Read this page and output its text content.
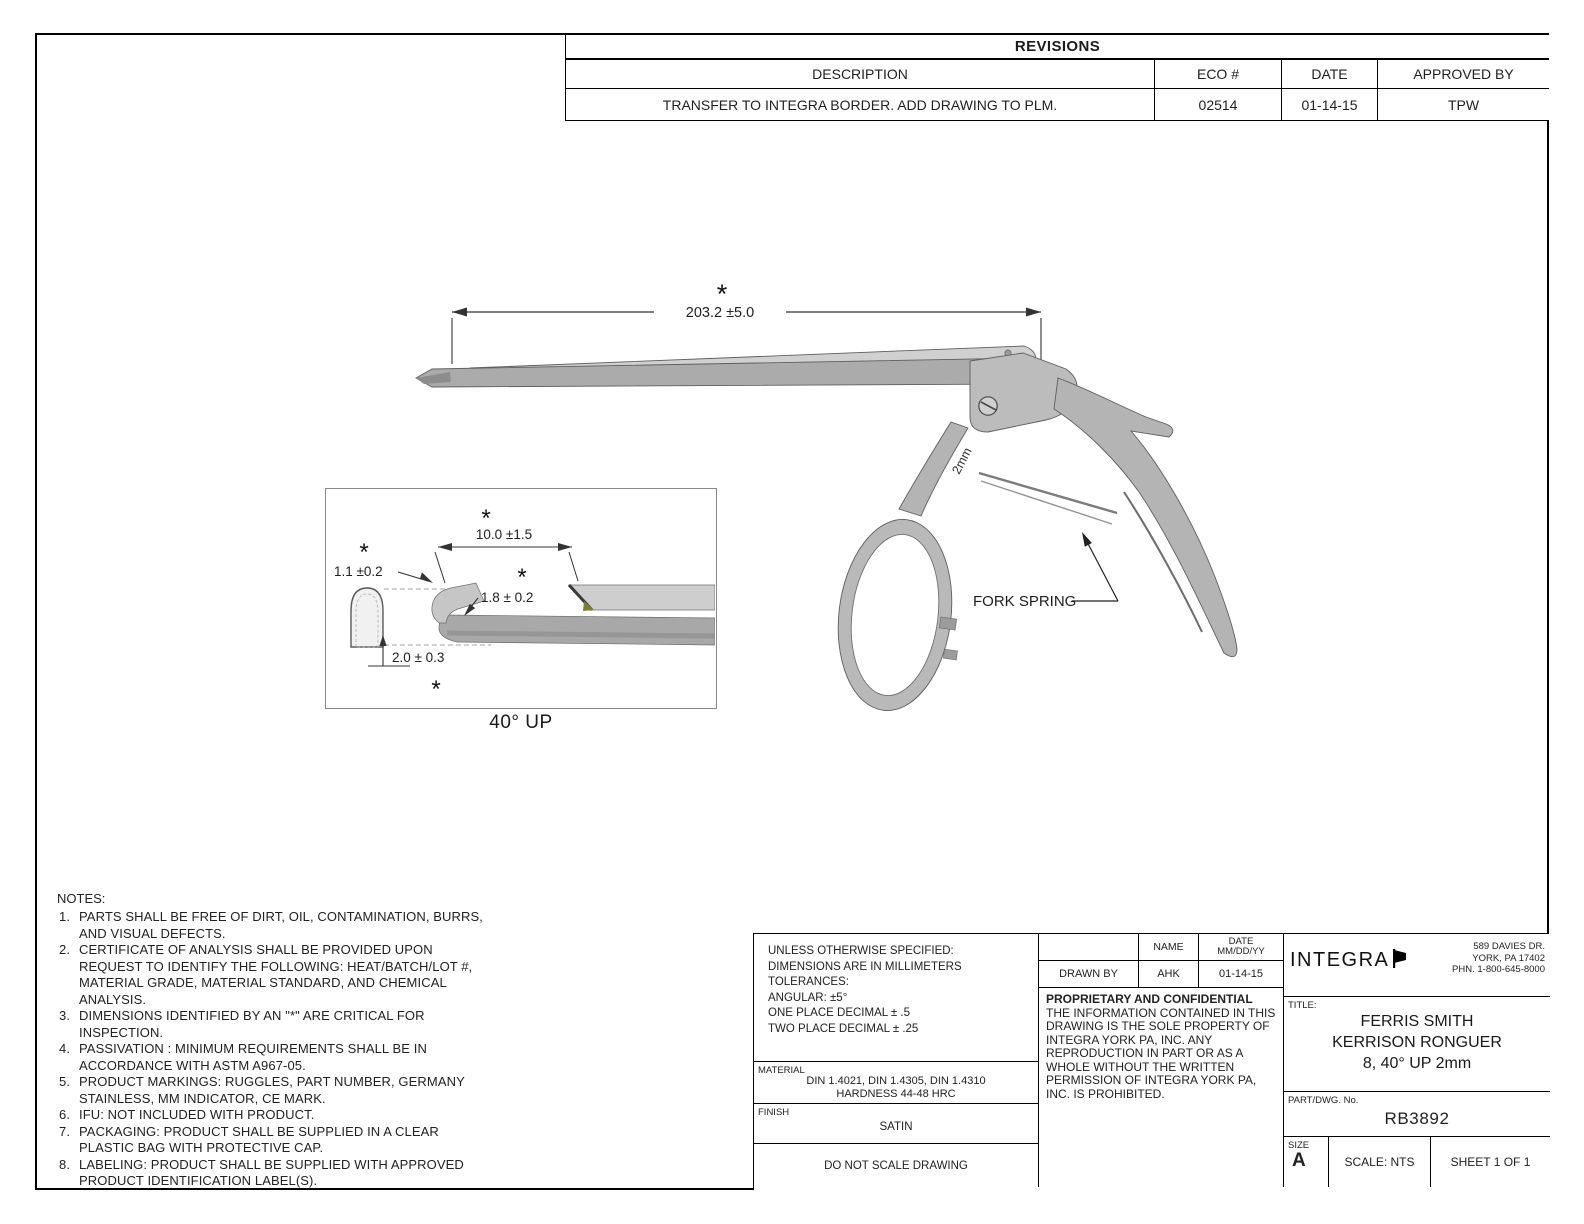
REVISIONS
DESCRIPTION	ECO #	DATE	APPROVED BY
TRANSFER TO INTEGRA BORDER. ADD DRAWING TO PLM.	02514	01-14-15	TPW
203.2 ±5.0
*
2mm
FORK SPRING
10.0 ±1.5
*
1.1 ±0.2
*
1.8 ± 0.2
*
2.0 ± 0.3
*
40° UP
NOTES:
1. PARTS SHALL BE FREE OF DIRT, OIL, CONTAMINATION, BURRS, AND VISUAL DEFECTS.
2. CERTIFICATE OF ANALYSIS SHALL BE PROVIDED UPON REQUEST TO IDENTIFY THE FOLLOWING: HEAT/BATCH/LOT #, MATERIAL GRADE, MATERIAL STANDARD, AND CHEMICAL ANALYSIS.
3. DIMENSIONS IDENTIFIED BY AN "*" ARE CRITICAL FOR INSPECTION.
4. PASSIVATION : MINIMUM REQUIREMENTS SHALL BE IN ACCORDANCE WITH ASTM A967-05.
5. PRODUCT MARKINGS: RUGGLES, PART NUMBER, GERMANY STAINLESS, MM INDICATOR, CE MARK.
6. IFU: NOT INCLUDED WITH PRODUCT.
7. PACKAGING: PRODUCT SHALL BE SUPPLIED IN A CLEAR PLASTIC BAG WITH PROTECTIVE CAP.
8. LABELING: PRODUCT SHALL BE SUPPLIED WITH APPROVED PRODUCT IDENTIFICATION LABEL(S).
UNLESS OTHERWISE SPECIFIED:
DIMENSIONS ARE IN MILLIMETERS
TOLERANCES:
ANGULAR: ±5°
ONE PLACE DECIMAL ± .5
TWO PLACE DECIMAL ± .25
MATERIAL
DIN 1.4021, DIN 1.4305, DIN 1.4310
HARDNESS 44-48 HRC
FINISH
SATIN
DO NOT SCALE DRAWING
NAME	DATE
MM/DD/YY
DRAWN BY	AHK	01-14-15
PROPRIETARY AND CONFIDENTIAL
THE INFORMATION CONTAINED IN THIS DRAWING IS THE SOLE PROPERTY OF INTEGRA YORK PA, INC. ANY REPRODUCTION IN PART OR AS A WHOLE WITHOUT THE WRITTEN PERMISSION OF INTEGRA YORK PA, INC. IS PROHIBITED.
INTEGRA
589 DAVIES DR.
YORK, PA 17402
PHN. 1-800-645-8000
TITLE:
FERRIS SMITH
KERRISON RONGUER
8, 40° UP 2mm
PART/DWG. No.
RB3892
SIZE
A	SCALE: NTS	SHEET 1 OF 1
